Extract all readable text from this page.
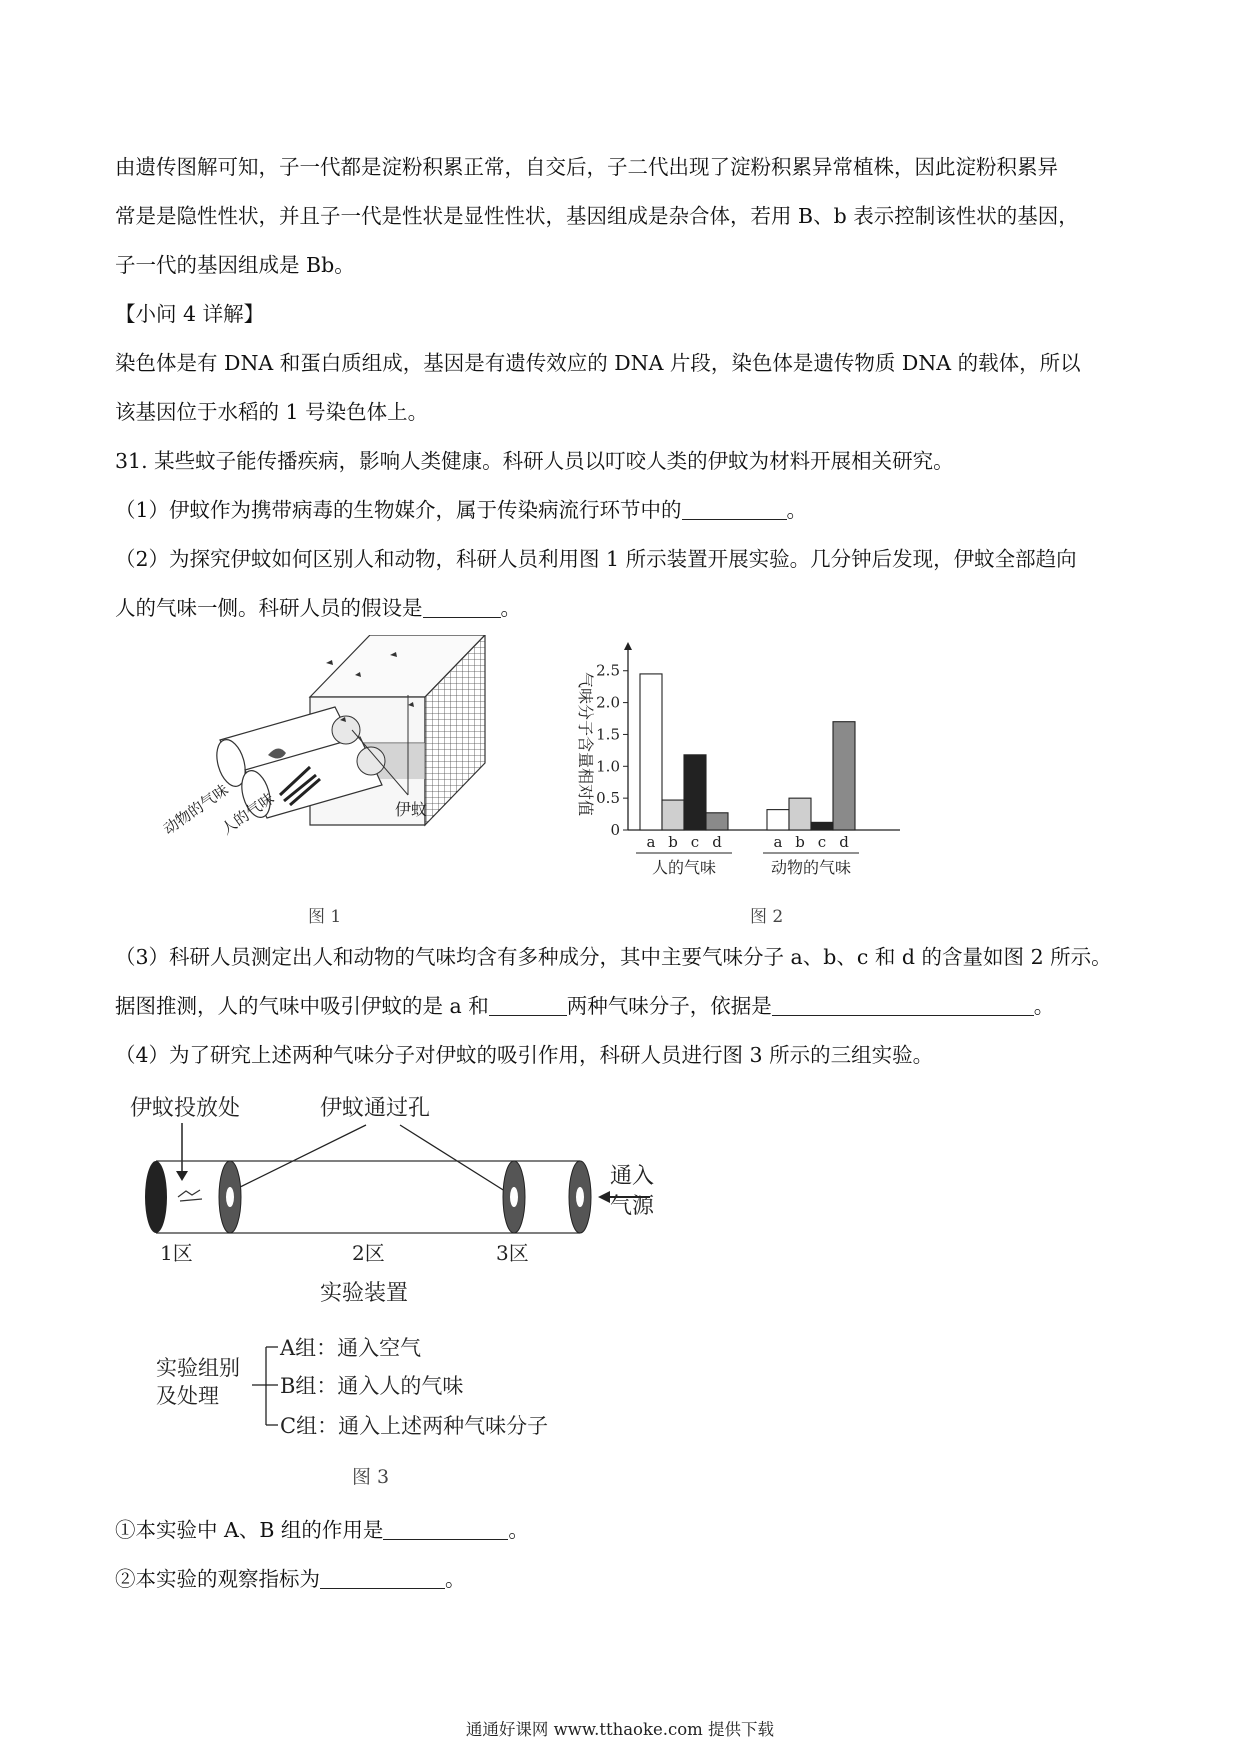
由遗传图解可知，子一代都是淀粉积累正常，自交后，子二代出现了淀粉积累异常植株，因此淀粉积累异
常是是隐性性状，并且子一代是性状是显性性状，基因组成是杂合体，若用 B、b 表示控制该性状的基因，
子一代的基因组成是 Bb。
【小问 4 详解】
染色体是有 DNA 和蛋白质组成，基因是有遗传效应的 DNA 片段，染色体是遗传物质 DNA 的载体，所以
该基因位于水稻的 1 号染色体上。
31. 某些蚊子能传播疾病，影响人类健康。科研人员以叮咬人类的伊蚊为材料开展相关研究。
（1）伊蚊作为携带病毒的生物媒介，属于传染病流行环节中的	。
（2）为探究伊蚊如何区别人和动物，科研人员利用图 1 所示装置开展实验。几分钟后发现，伊蚊全部趋向
人的气味一侧。科研人员的假设是	。
伊蚊
动物的气味
人的气味
图 1
0
0.5
1.0
1.5
2.0
2.5
气味分子含量相对值
a b c d
人的气味
a b c d
动物的气味
图 2
（3）科研人员测定出人和动物的气味均含有多种成分，其中主要气味分子 a、b、c 和 d 的含量如图 2 所示。
据图推测，人的气味中吸引伊蚊的是 a 和	两种气味分子，依据是	。
（4）为了研究上述两种气味分子对伊蚊的吸引作用，科研人员进行图 3 所示的三组实验。
伊蚊投放处	伊蚊通过孔
通入
气源
1区	2区	3区
实验装置
实验组别
及处理
A组：通入空气
B组：通入人的气味
C组：通入上述两种气味分子
图 3
①本实验中 A、B 组的作用是	。
②本实验的观察指标为	。
通通好课网 www.tthaoke.com 提供下载
